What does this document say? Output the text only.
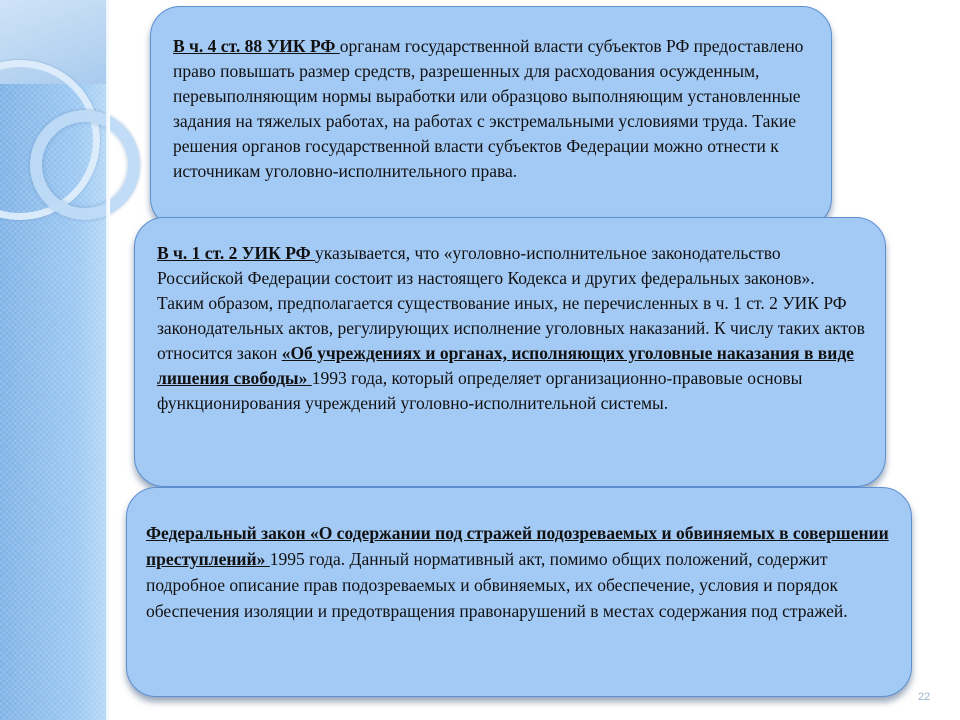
В ч. 4 ст. 88 УИК РФ органам государственной власти субъектов РФ предоставлено право повышать размер средств, разрешенных для расходования осужденным, перевыполняющим нормы выработки или образцово выполняющим установленные задания на тяжелых работах, на работах с экстремальными условиями труда. Такие решения органов государственной власти субъектов Федерации можно отнести к источникам уголовно-исполнительного права.
В ч. 1 ст. 2 УИК РФ указывается, что «уголовно-исполнительное законодательство Российской Федерации состоит из настоящего Кодекса и других федеральных законов». Таким образом, предполагается существование иных, не перечисленных в ч. 1 ст. 2 УИК РФ законодательных актов, регулирующих исполнение уголовных наказаний. К числу таких актов относится закон «Об учреждениях и органах, исполняющих уголовные наказания в виде лишения свободы» 1993 года, который определяет организационно-правовые основы функционирования учреждений уголовно-исполнительной системы.
Федеральный закон «О содержании под стражей подозреваемых и обвиняемых в совершении преступлений» 1995 года. Данный нормативный акт, помимо общих положений, содержит подробное описание прав подозреваемых и обвиняемых, их обеспечение, условия и порядок обеспечения изоляции и предотвращения правонарушений в местах содержания под стражей.
22
